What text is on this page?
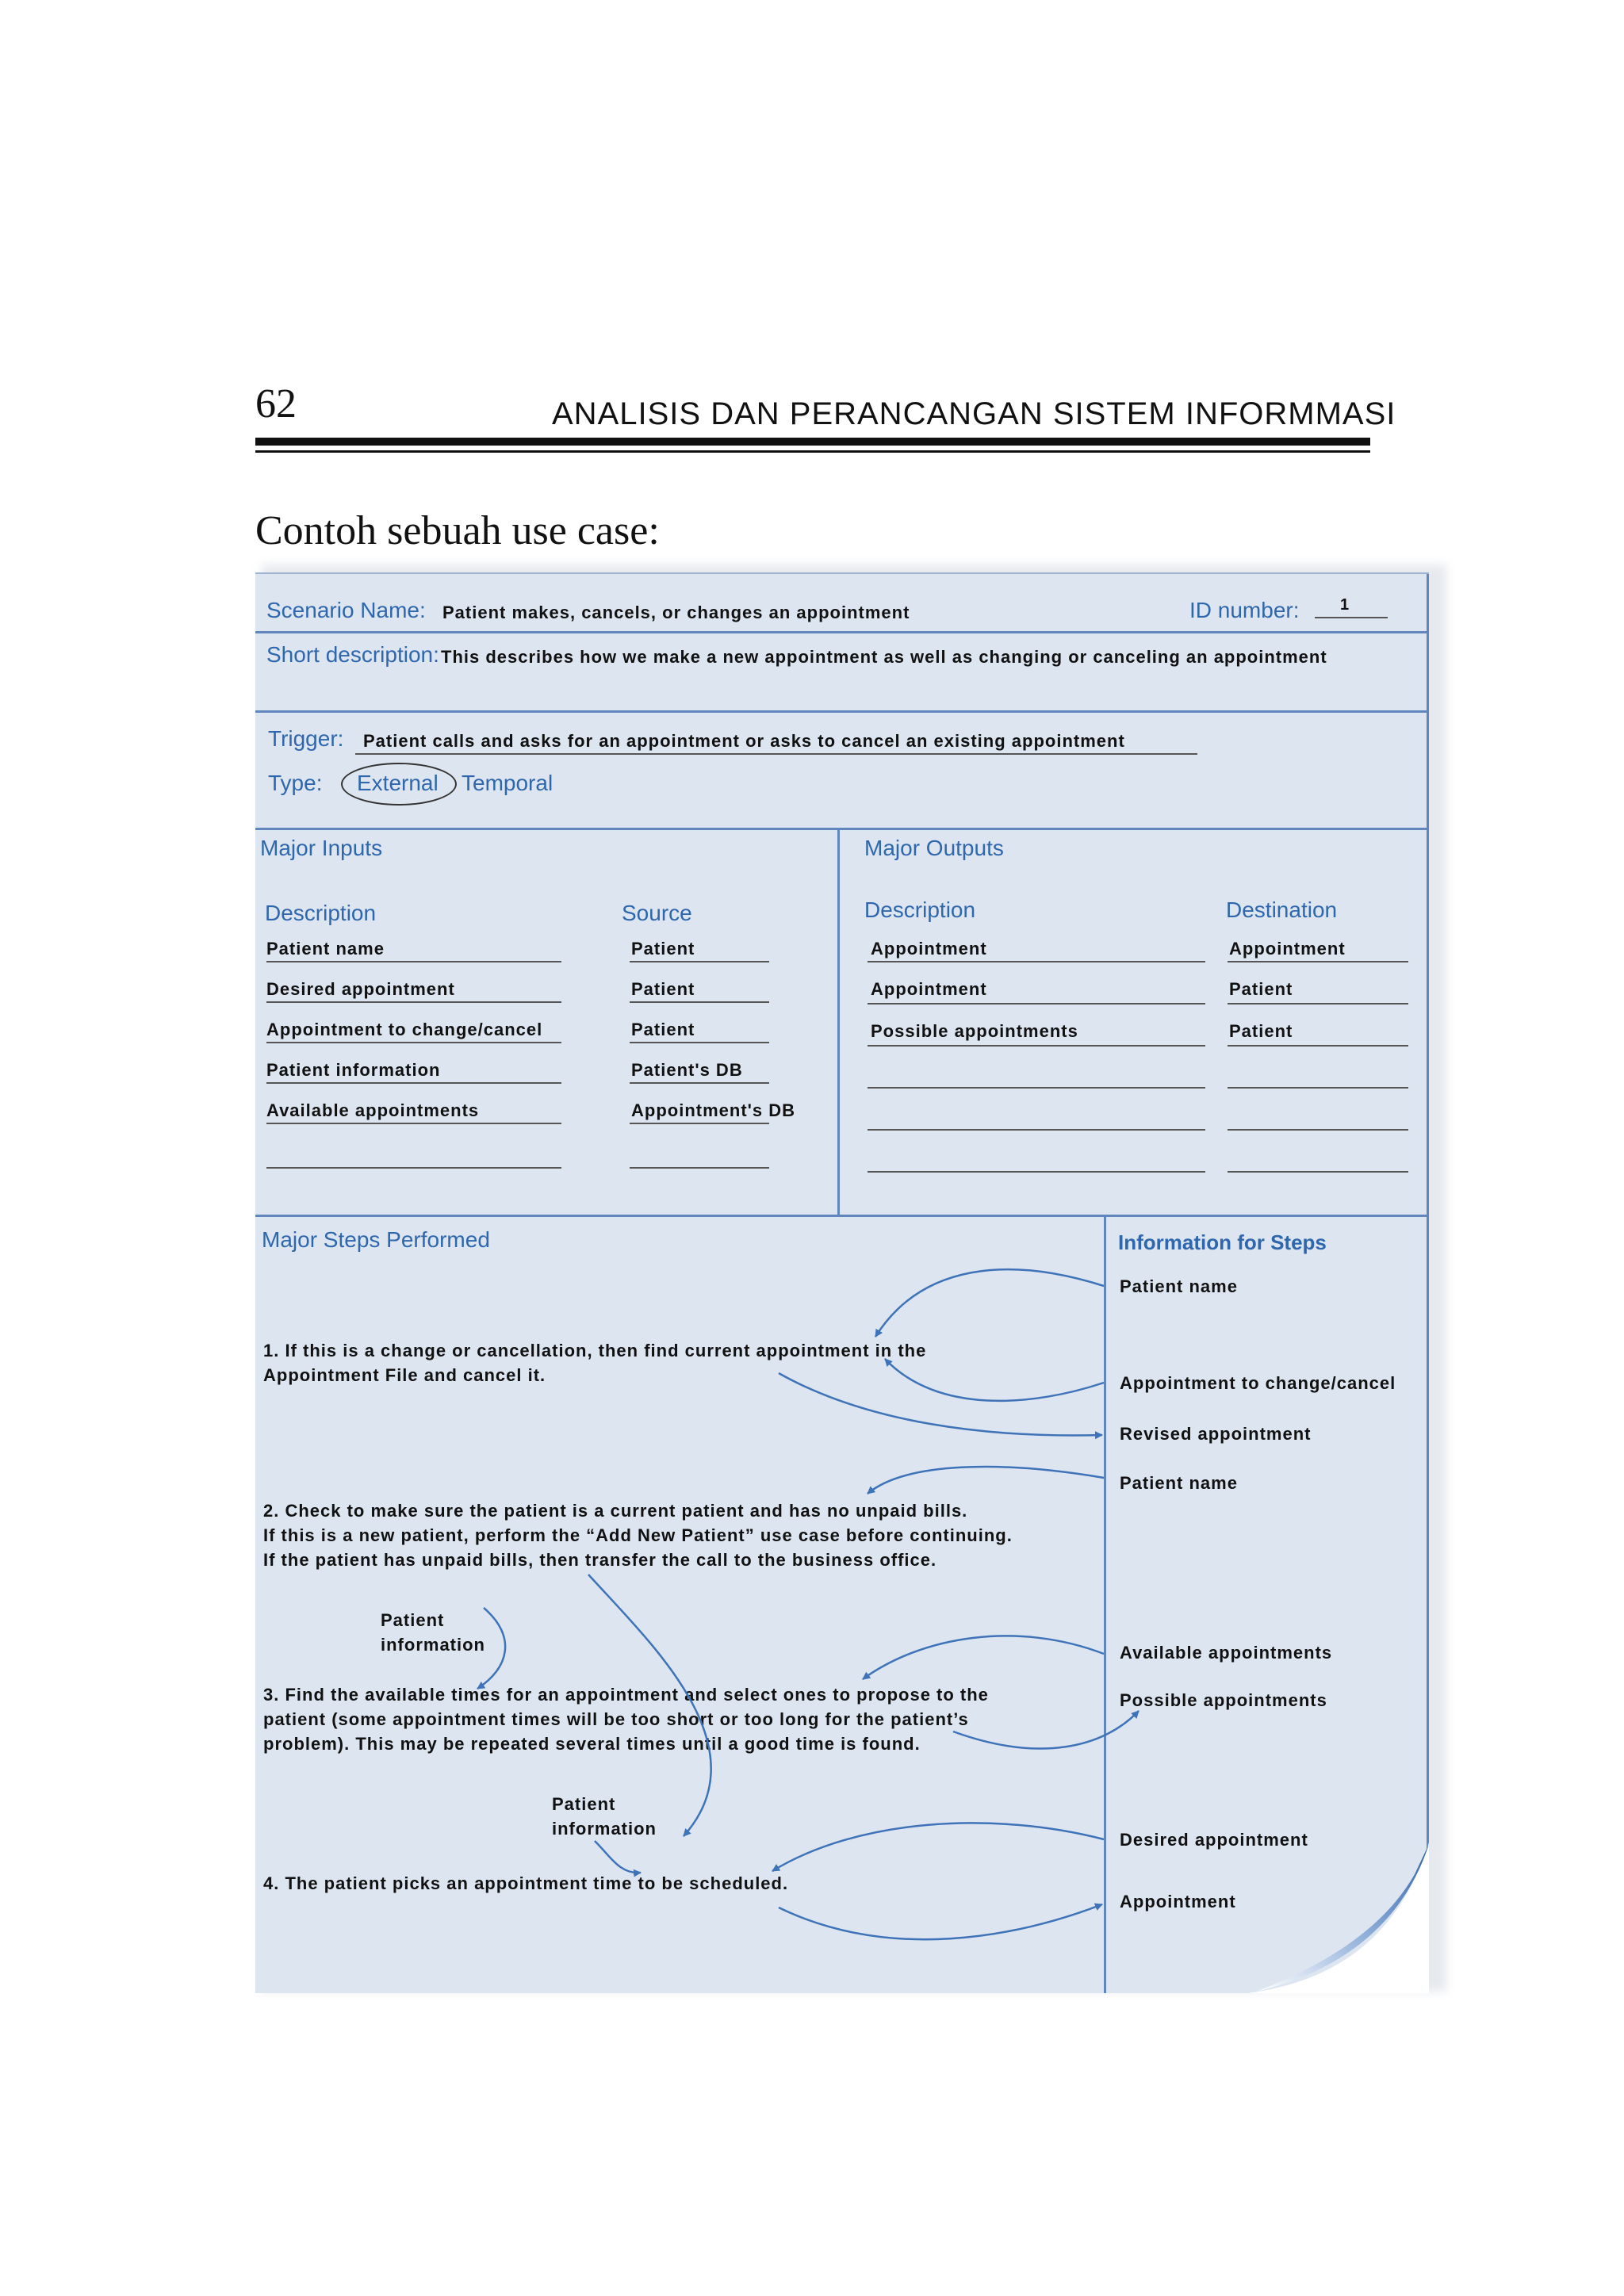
62	ANALISIS DAN PERANCANGAN SISTEM INFORMMASI
Contoh sebuah use case:
Scenario Name: Patient makes, cancels, or changes an appointment	ID number:	1
Short description: This describes how we make a new appointment as well as changing or canceling an appointment
Trigger: Patient calls and asks for an appointment or asks to cancel an existing appointment
Type: External Temporal
Major Inputs
Description	Source
Patient name	Patient
Desired appointment	Patient
Appointment to change/cancel	Patient
Patient information	Patient's DB
Available appointments	Appointment's DB
Major Outputs
Description	Destination
Appointment	Appointment
Appointment	Patient
Possible appointments	Patient
Major Steps Performed
1. If this is a change or cancellation, then find current appointment in the
Appointment File and cancel it.
2. Check to make sure the patient is a current patient and has no unpaid bills.
If this is a new patient, perform the “Add New Patient” use case before continuing.
If the patient has unpaid bills, then transfer the call to the business office.
Patient
information
3. Find the available times for an appointment and select ones to propose to the
patient (some appointment times will be too short or too long for the patient’s
problem). This may be repeated several times until a good time is found.
Patient
information
4. The patient picks an appointment time to be scheduled.
Information for Steps
Patient name
Appointment to change/cancel
Revised appointment
Patient name
Available appointments
Possible appointments
Desired appointment
Appointment
